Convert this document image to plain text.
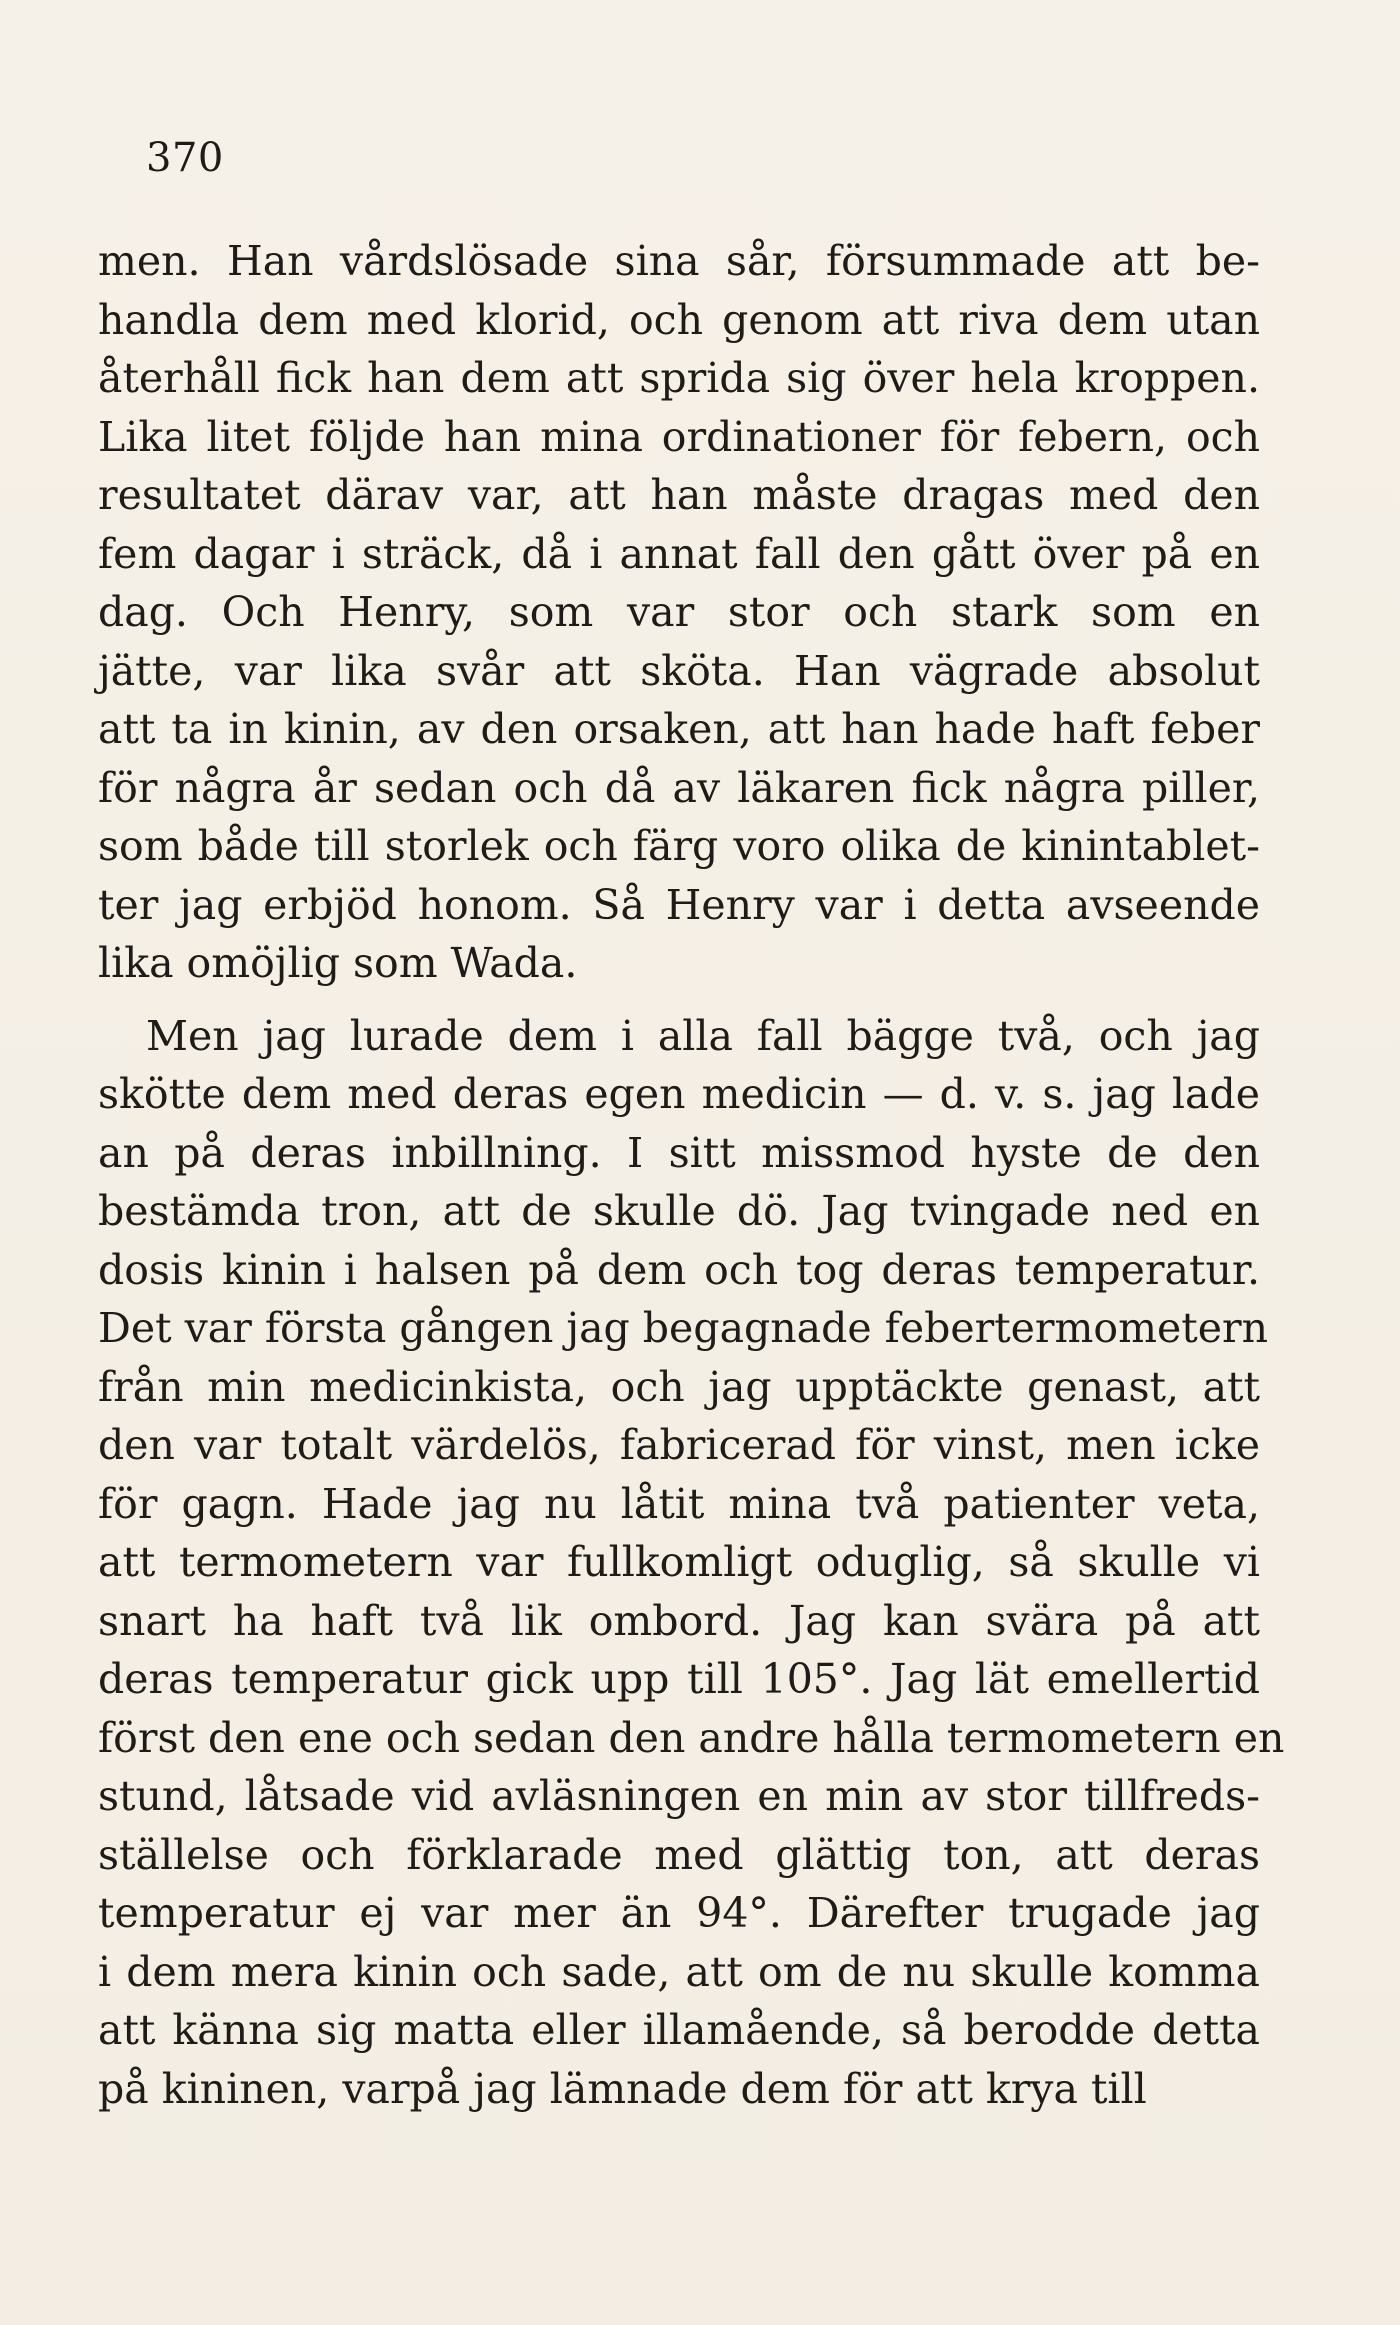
370
men. Han vårdslösade sina sår, försummade att be-
handla dem med klorid, och genom att riva dem utan
återhåll fick han dem att sprida sig över hela kroppen.
Lika litet följde han mina ordinationer för febern, och
resultatet därav var, att han måste dragas med den
fem dagar i sträck, då i annat fall den gått över på en
dag. Och Henry, som var stor och stark som en
jätte, var lika svår att sköta. Han vägrade absolut
att ta in kinin, av den orsaken, att han hade haft feber
för några år sedan och då av läkaren fick några piller,
som både till storlek och färg voro olika de kinintablet-
ter jag erbjöd honom. Så Henry var i detta avseende
lika omöjlig som Wada.
Men jag lurade dem i alla fall bägge två, och jag
skötte dem med deras egen medicin — d. v. s. jag lade
an på deras inbillning. I sitt missmod hyste de den
bestämda tron, att de skulle dö. Jag tvingade ned en
dosis kinin i halsen på dem och tog deras temperatur.
Det var första gången jag begagnade febertermometern
från min medicinkista, och jag upptäckte genast, att
den var totalt värdelös, fabricerad för vinst, men icke
för gagn. Hade jag nu låtit mina två patienter veta,
att termometern var fullkomligt oduglig, så skulle vi
snart ha haft två lik ombord. Jag kan svära på att
deras temperatur gick upp till 105°. Jag lät emellertid
först den ene och sedan den andre hålla termometern en
stund, låtsade vid avläsningen en min av stor tillfreds-
ställelse och förklarade med glättig ton, att deras
temperatur ej var mer än 94°. Därefter trugade jag
i dem mera kinin och sade, att om de nu skulle komma
att känna sig matta eller illamående, så berodde detta
på kininen, varpå jag lämnade dem för att krya till
